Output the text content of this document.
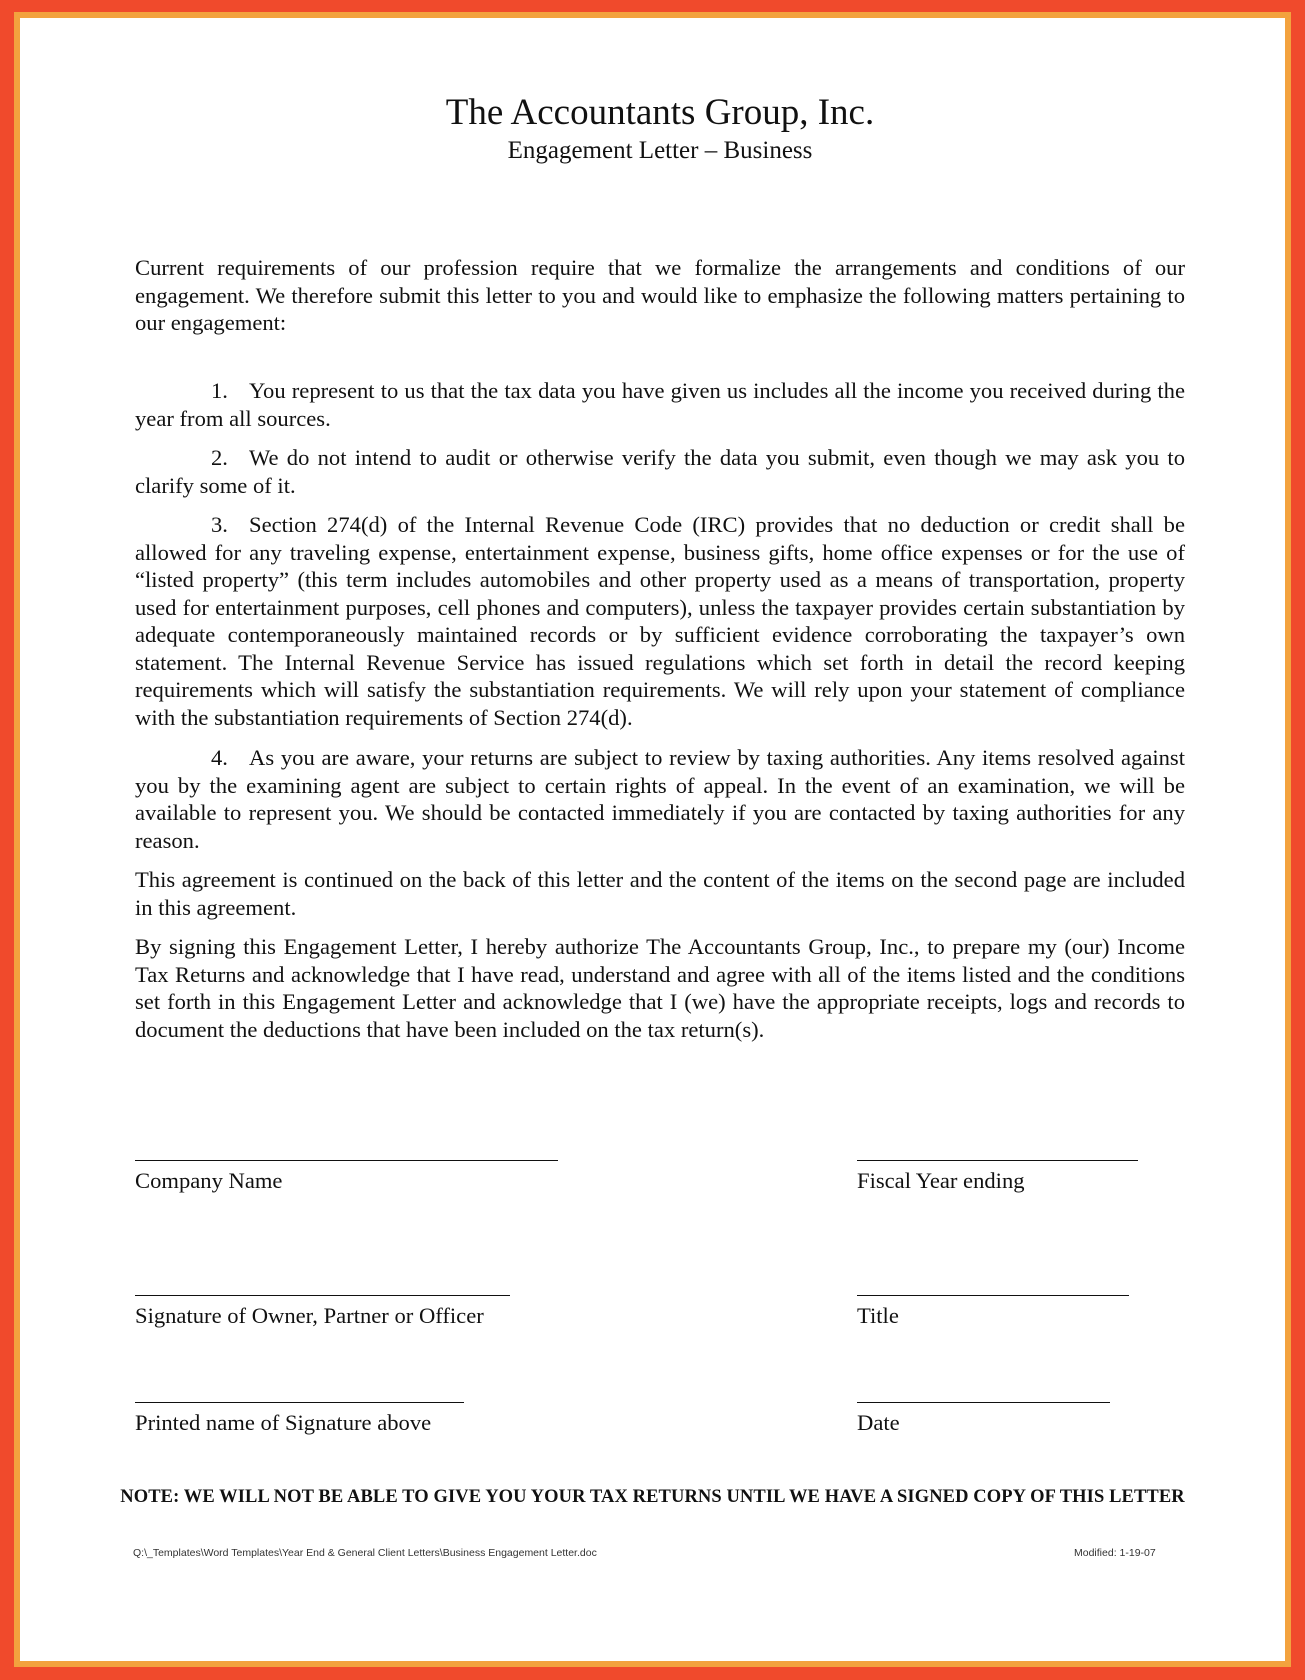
The Accountants Group, Inc.
Engagement Letter – Business

Current requirements of our profession require that we formalize the arrangements and conditions of our engagement. We therefore submit this letter to you and would like to emphasize the following matters pertaining to our engagement:

1. You represent to us that the tax data you have given us includes all the income you received during the year from all sources.

2. We do not intend to audit or otherwise verify the data you submit, even though we may ask you to clarify some of it.

3. Section 274(d) of the Internal Revenue Code (IRC) provides that no deduction or credit shall be allowed for any traveling expense, entertainment expense, business gifts, home office expenses or for the use of “listed property” (this term includes automobiles and other property used as a means of transportation, property used for entertainment purposes, cell phones and computers), unless the taxpayer provides certain substantiation by adequate contemporaneously maintained records or by sufficient evidence corroborating the taxpayer’s own statement. The Internal Revenue Service has issued regulations which set forth in detail the record keeping requirements which will satisfy the substantiation requirements. We will rely upon your statement of compliance with the substantiation requirements of Section 274(d).

4. As you are aware, your returns are subject to review by taxing authorities. Any items resolved against you by the examining agent are subject to certain rights of appeal. In the event of an examination, we will be available to represent you. We should be contacted immediately if you are contacted by taxing authorities for any reason.

This agreement is continued on the back of this letter and the content of the items on the second page are included in this agreement.

By signing this Engagement Letter, I hereby authorize The Accountants Group, Inc., to prepare my (our) Income Tax Returns and acknowledge that I have read, understand and agree with all of the items listed and the conditions set forth in this Engagement Letter and acknowledge that I (we) have the appropriate receipts, logs and records to document the deductions that have been included on the tax return(s).

Company Name	Fiscal Year ending
Signature of Owner, Partner or Officer	Title
Printed name of Signature above	Date
NOTE: WE WILL NOT BE ABLE TO GIVE YOU YOUR TAX RETURNS UNTIL WE HAVE A SIGNED COPY OF THIS LETTER
Q:\_Templates\Word Templates\Year End & General Client Letters\Business Engagement Letter.doc	Modified: 1-19-07
